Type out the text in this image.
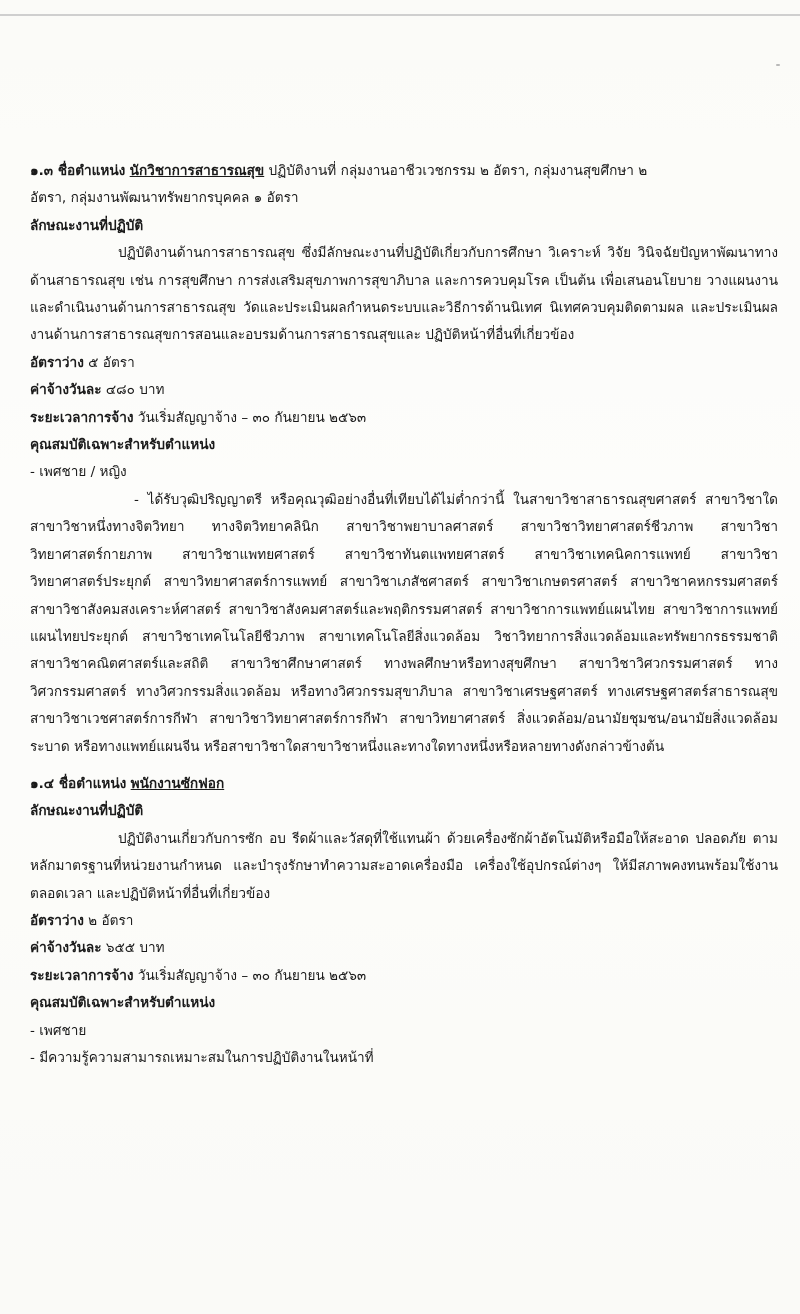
๑.๓ ชื่อตำแหน่ง นักวิชาการสาธารณสุข ปฏิบัติงานที่ กลุ่มงานอาชีวเวชกรรม ๒ อัตรา, กลุ่มงานสุขศึกษา ๒

อัตรา, กลุ่มงานพัฒนาทรัพยากรบุคคล ๑ อัตรา

ลักษณะงานที่ปฏิบัติ

ปฏิบัติงานด้านการสาธารณสุข ซึ่งมีลักษณะงานที่ปฏิบัติเกี่ยวกับการศึกษา วิเคราะห์ วิจัย วินิจฉัยปัญหาพัฒนาทางด้านสาธารณสุข เช่น การสุขศึกษา การส่งเสริมสุขภาพการสุขาภิบาล และการควบคุมโรค เป็นต้น เพื่อเสนอนโยบาย วางแผนงาน และดำเนินงานด้านการสาธารณสุข วัดและประเมินผลกำหนดระบบและวิธีการด้านนิเทศ นิเทศควบคุมติดตามผล และประเมินผลงานด้านการสาธารณสุขการสอนและอบรมด้านการสาธารณสุขและ ปฏิบัติหน้าที่อื่นที่เกี่ยวข้อง

อัตราว่าง ๕ อัตรา

ค่าจ้างวันละ ๔๘๐ บาท

ระยะเวลาการจ้าง วันเริ่มสัญญาจ้าง – ๓๐ กันยายน ๒๕๖๓

คุณสมบัติเฉพาะสำหรับตำแหน่ง

- เพศชาย / หญิง

- ได้รับวุฒิปริญญาตรี หรือคุณวุฒิอย่างอื่นที่เทียบได้ไม่ต่ำกว่านี้ ในสาขาวิชาสาธารณสุขศาสตร์ สาขาวิชาใดสาขาวิชาหนึ่งทางจิตวิทยา ทางจิตวิทยาคลินิก สาขาวิชาพยาบาลศาสตร์ สาขาวิชาวิทยาศาสตร์ชีวภาพ สาขาวิชาวิทยาศาสตร์กายภาพ สาขาวิชาแพทยศาสตร์ สาขาวิชาทันตแพทยศาสตร์ สาขาวิชาเทคนิคการแพทย์ สาขาวิชาวิทยาศาสตร์ประยุกต์ สาขาวิทยาศาสตร์การแพทย์ สาขาวิชาเภสัชศาสตร์ สาขาวิชาเกษตรศาสตร์ สาขาวิชาคหกรรมศาสตร์ สาขาวิชาสังคมสงเคราะห์ศาสตร์ สาขาวิชาสังคมศาสตร์และพฤติกรรมศาสตร์ สาขาวิชาการแพทย์แผนไทย สาขาวิชาการแพทย์แผนไทยประยุกต์ สาขาวิชาเทคโนโลยีชีวภาพ สาขาเทคโนโลยีสิ่งแวดล้อม วิชาวิทยาการสิ่งแวดล้อมและทรัพยากรธรรมชาติ สาขาวิชาคณิตศาสตร์และสถิติ สาขาวิชาศึกษาศาสตร์ ทางพลศึกษาหรือทางสุขศึกษา สาขาวิชาวิศวกรรมศาสตร์ ทางวิศวกรรมศาสตร์ ทางวิศวกรรมสิ่งแวดล้อม หรือทางวิศวกรรมสุขาภิบาล สาขาวิชาเศรษฐศาสตร์ ทางเศรษฐศาสตร์สาธารณสุข สาขาวิชาเวชศาสตร์การกีฬา สาขาวิชาวิทยาศาสตร์การกีฬา สาขาวิทยาศาสตร์ สิ่งแวดล้อม/อนามัยชุมชน/อนามัยสิ่งแวดล้อมระบาด หรือทางแพทย์แผนจีน หรือสาขาวิชาใดสาขาวิชาหนึ่งและทางใดทางหนึ่งหรือหลายทางดังกล่าวข้างต้น

๑.๔ ชื่อตำแหน่ง พนักงานซักฟอก

ลักษณะงานที่ปฏิบัติ

ปฏิบัติงานเกี่ยวกับการซัก อบ รีดผ้าและวัสดุที่ใช้แทนผ้า ด้วยเครื่องซักผ้าอัตโนมัติหรือมือให้สะอาด ปลอดภัย ตามหลักมาตรฐานที่หน่วยงานกำหนด และบำรุงรักษาทำความสะอาดเครื่องมือ เครื่องใช้อุปกรณ์ต่างๆ ให้มีสภาพคงทนพร้อมใช้งานตลอดเวลา และปฏิบัติหน้าที่อื่นที่เกี่ยวข้อง

อัตราว่าง ๒ อัตรา

ค่าจ้างวันละ ๖๕๕ บาท

ระยะเวลาการจ้าง วันเริ่มสัญญาจ้าง – ๓๐ กันยายน ๒๕๖๓

คุณสมบัติเฉพาะสำหรับตำแหน่ง

- เพศชาย

- มีความรู้ความสามารถเหมาะสมในการปฏิบัติงานในหน้าที่
